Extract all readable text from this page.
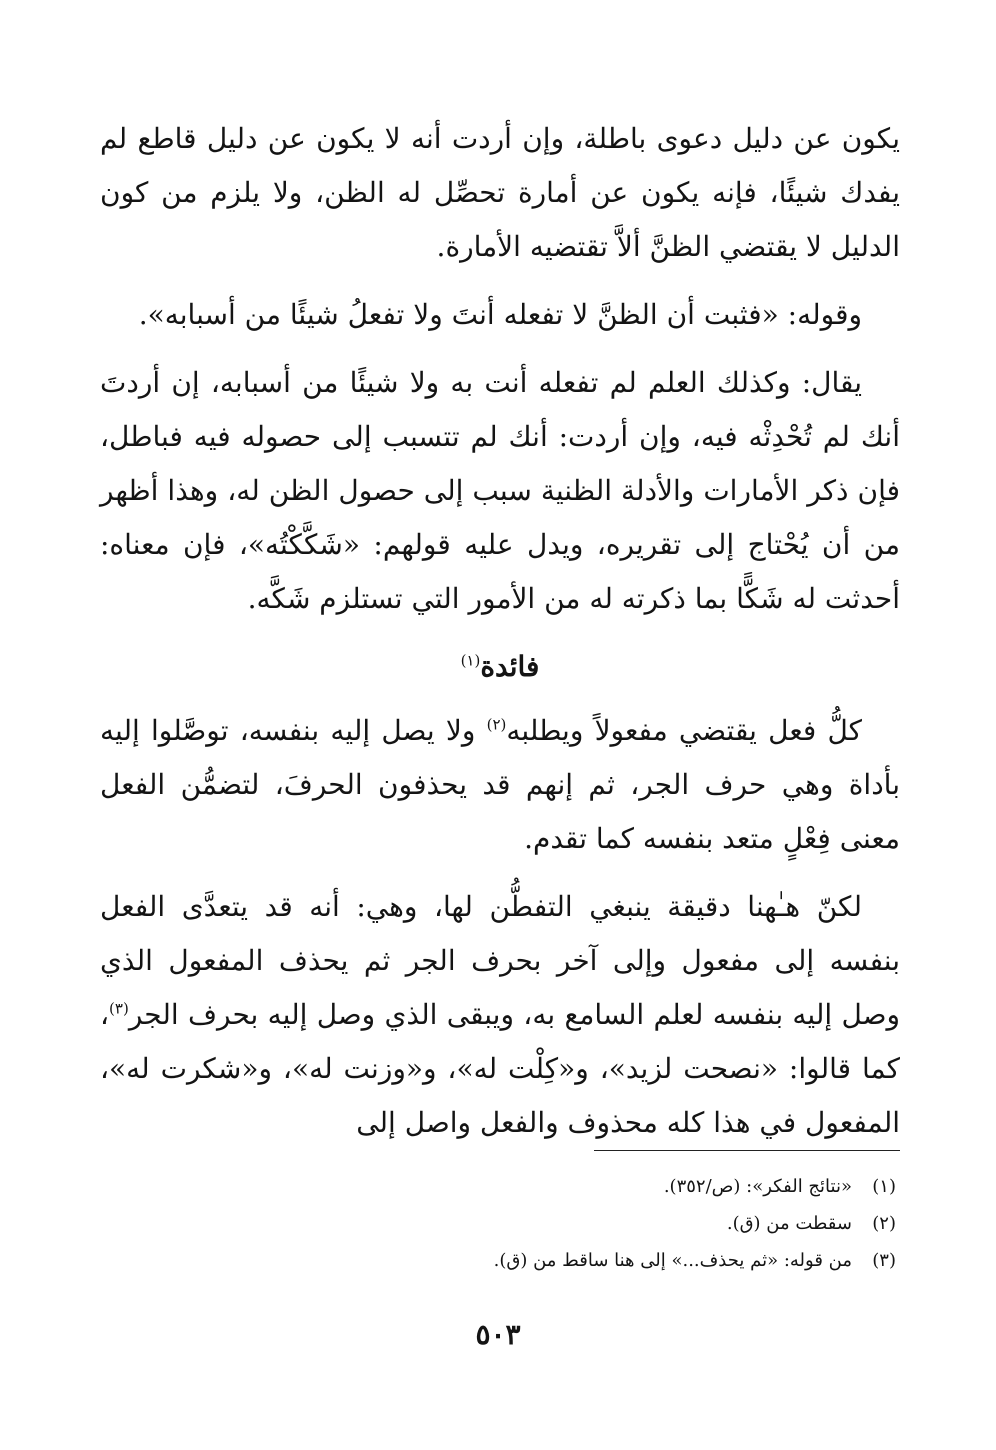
يكون عن دليل دعوى باطلة، وإن أردت أنه لا يكون عن دليل قاطع لم يفدك شيئًا، فإنه يكون عن أمارة تحصِّل له الظن، ولا يلزم من كون الدليل لا يقتضي الظنَّ ألاَّ تقتضيه الأمارة.

وقوله: «فثبت أن الظنَّ لا تفعله أنتَ ولا تفعلُ شيئًا من أسبابه».

يقال: وكذلك العلم لم تفعله أنت به ولا شيئًا من أسبابه، إن أردتَ أنك لم تُحْدِثْه فيه، وإن أردت: أنك لم تتسبب إلى حصوله فيه فباطل، فإن ذكر الأمارات والأدلة الظنية سبب إلى حصول الظن له، وهذا أظهر من أن يُحْتاج إلى تقريره، ويدل عليه قولهم: «شَكَّكْتُه»، فإن معناه: أحدثت له شَكًّا بما ذكرته له من الأمور التي تستلزم شَكَّه.

فائدة$^{(١)}$

كلُّ فعل يقتضي مفعولاً ويطلبه$^{(٢)}$ ولا يصل إليه بنفسه، توصَّلوا إليه بأداة وهي حرف الجر، ثم إنهم قد يحذفون الحرفَ، لتضمُّن الفعل معنى فِعْلٍ متعد بنفسه كما تقدم.

لكنّ هـٰهنا دقيقة ينبغي التفطُّن لها، وهي: أنه قد يتعدَّى الفعل بنفسه إلى مفعول وإلى آخر بحرف الجر ثم يحذف المفعول الذي وصل إليه بنفسه لعلم السامع به، ويبقى الذي وصل إليه بحرف الجر$^{(٣)}$، كما قالوا: «نصحت لزيد»، و«كِلْت له»، و«وزنت له»، و«شكرت له»، المفعول في هذا كله محذوف والفعل واصل إلى

(١)
«نتائج الفكر»: (ص/٣٥٢).
(٢)
سقطت من (ق).
(٣)
من قوله: «ثم يحذف...» إلى هنا ساقط من (ق).
٥٠٣
